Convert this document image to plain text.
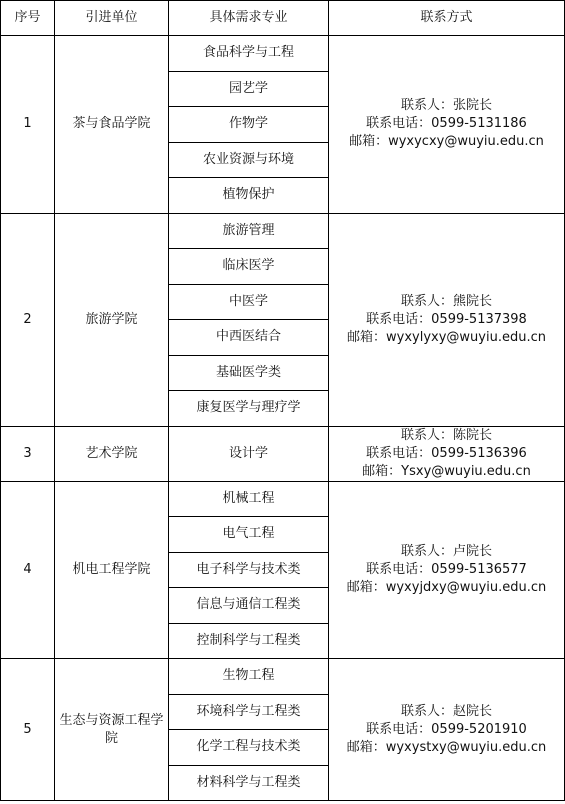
序号	引进单位	具体需求专业	联系方式
1	茶与食品学院	食品科学与工程	联系人：张院长
联系电话：0599-5131186
邮箱：wyxycxy@wuyiu.edu.cn

		园艺学	
		作物学	
		农业资源与环境	
		植物保护	
2	旅游学院	旅游管理	联系人：熊院长
联系电话：0599-5137398
邮箱：wyxylyxy@wuyiu.edu.cn

		临床医学	
		中医学	
		中西医结合	
		基础医学类	
		康复医学与理疗学	
3	艺术学院	设计学	联系人：陈院长
联系电话：0599-5136396
邮箱：Ysxy@wuyiu.edu.cn

4	机电工程学院	机械工程	联系人：卢院长
联系电话：0599-5136577
邮箱：wyxyjdxy@wuyiu.edu.cn

		电气工程	
		电子科学与技术类	
		信息与通信工程类	
		控制科学与工程类	
5	生态与资源工程学院	生物工程	联系人：赵院长
联系电话：0599-5201910
邮箱：wyxystxy@wuyiu.edu.cn

		环境科学与工程类	
		化学工程与技术类	
		材料科学与工程类	
